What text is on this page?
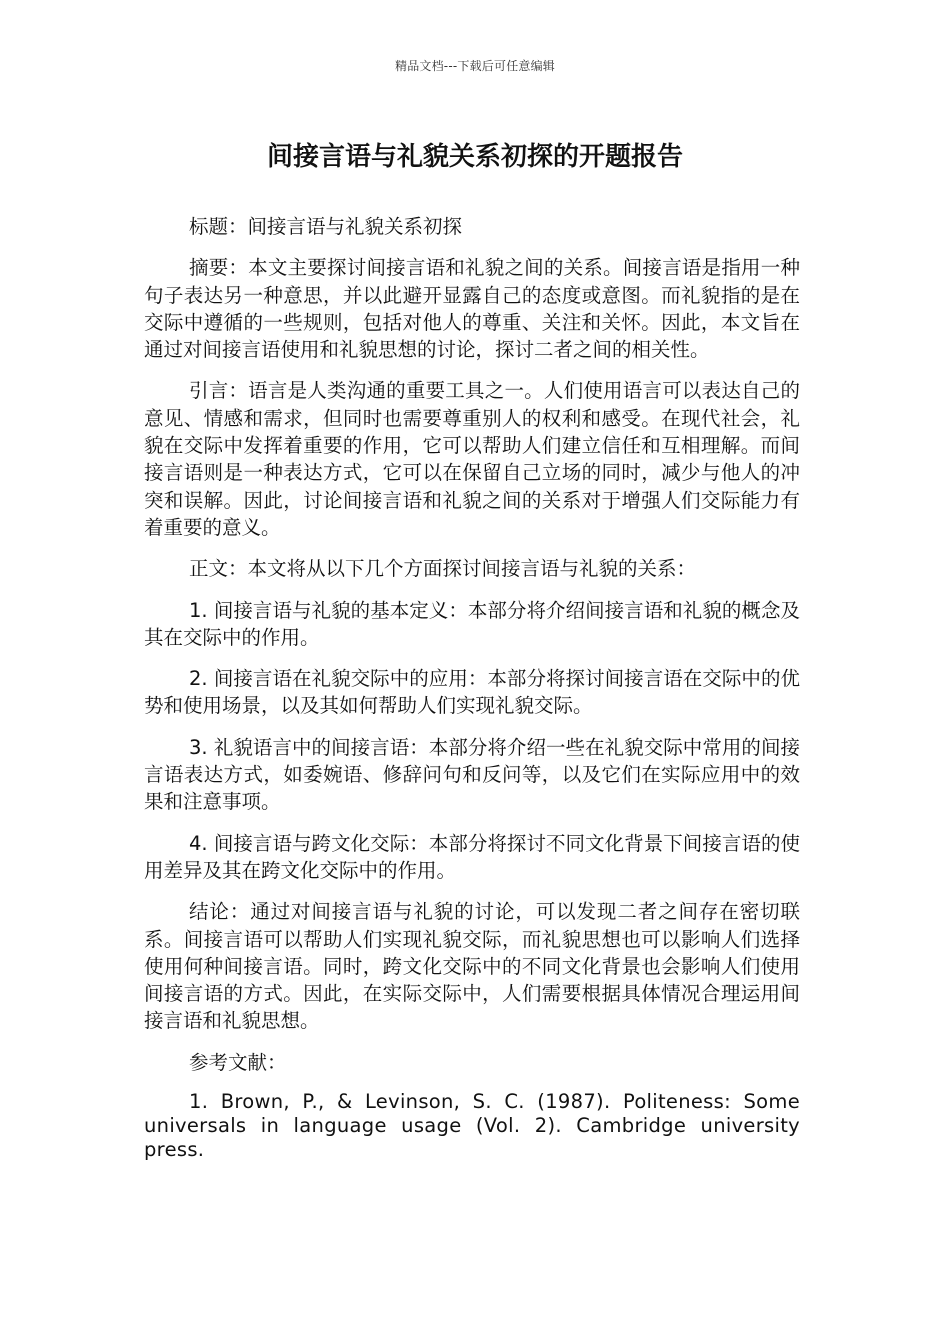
精品文档---下载后可任意编辑
间接言语与礼貌关系初探的开题报告

标题：间接言语与礼貌关系初探

摘要：本文主要探讨间接言语和礼貌之间的关系。间接言语是指用一种句子表达另一种意思，并以此避开显露自己的态度或意图。而礼貌指的是在交际中遵循的一些规则，包括对他人的尊重、关注和关怀。因此，本文旨在通过对间接言语使用和礼貌思想的讨论，探讨二者之间的相关性。

引言：语言是人类沟通的重要工具之一。人们使用语言可以表达自己的意见、情感和需求，但同时也需要尊重别人的权利和感受。在现代社会，礼貌在交际中发挥着重要的作用，它可以帮助人们建立信任和互相理解。而间接言语则是一种表达方式，它可以在保留自己立场的同时，减少与他人的冲突和误解。因此，讨论间接言语和礼貌之间的关系对于增强人们交际能力有着重要的意义。

正文：本文将从以下几个方面探讨间接言语与礼貌的关系：

1. 间接言语与礼貌的基本定义：本部分将介绍间接言语和礼貌的概念及其在交际中的作用。

2. 间接言语在礼貌交际中的应用：本部分将探讨间接言语在交际中的优势和使用场景，以及其如何帮助人们实现礼貌交际。

3. 礼貌语言中的间接言语：本部分将介绍一些在礼貌交际中常用的间接言语表达方式，如委婉语、修辞问句和反问等，以及它们在实际应用中的效果和注意事项。

4. 间接言语与跨文化交际：本部分将探讨不同文化背景下间接言语的使用差异及其在跨文化交际中的作用。

结论：通过对间接言语与礼貌的讨论，可以发现二者之间存在密切联系。间接言语可以帮助人们实现礼貌交际，而礼貌思想也可以影响人们选择使用何种间接言语。同时，跨文化交际中的不同文化背景也会影响人们使用间接言语的方式。因此，在实际交际中，人们需要根据具体情况合理运用间接言语和礼貌思想。

参考文献：

1. Brown, P., & Levinson, S. C. (1987). Politeness: Some universals in language usage (Vol. 2). Cambridge university press.
